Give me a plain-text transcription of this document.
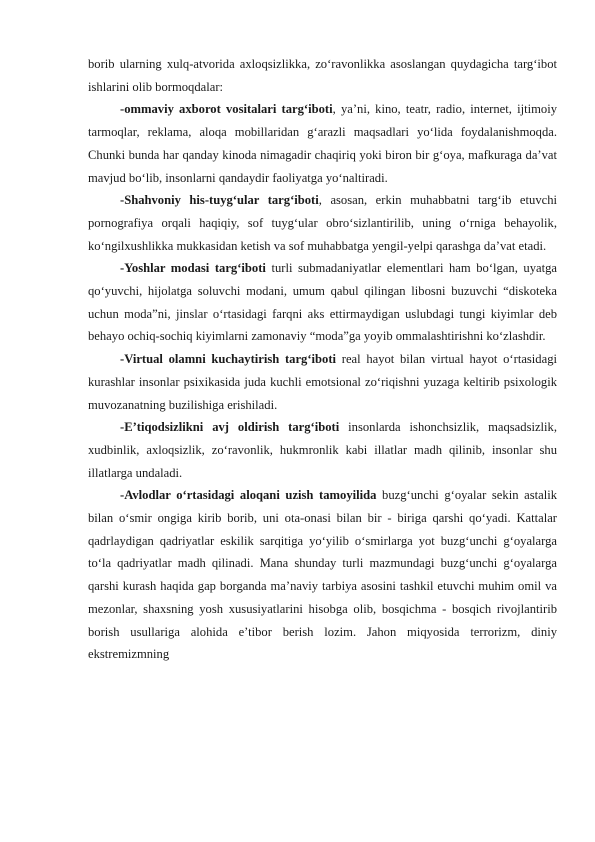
borib ularning xulq-atvorida axloqsizlikka, zo‘ravonlikka asoslangan quydagicha targ‘ibot ishlarini olib bormoqdalar:

-ommaviy axborot vositalari targ‘iboti, ya’ni, kino, teatr, radio, internet, ijtimoiy tarmoqlar, reklama, aloqa mobillaridan g‘arazli maqsadlari yo‘lida foydalanishmoqda. Chunki bunda har qanday kinoda nimagadir chaqiriq yoki biron bir g‘oya, mafkuraga da’vat mavjud bo‘lib, insonlarni qandaydir faoliyatga yo‘naltiradi.

-Shahvoniy his-tuyg‘ular targ‘iboti, asosan, erkin muhabbatni targ‘ib etuvchi pornografiya orqali haqiqiy, sof tuyg‘ular obro‘sizlantirilib, uning o‘rniga behayolik, ko‘ngilxushlikka mukkasidan ketish va sof muhabbatga yengil-yelpi qarashga da’vat etadi.

-Yoshlar modasi targ‘iboti turli submadaniyatlar elementlari ham bo‘lgan, uyatga qo‘yuvchi, hijolatga soluvchi modani, umum qabul qilingan libosni buzuvchi “diskoteka uchun moda”ni, jinslar o‘rtasidagi farqni aks ettirmaydigan uslubdagi tungi kiyimlar deb behayo ochiq-sochiq kiyimlarni zamonaviy “moda”ga yoyib ommalashtirishni ko‘zlashdir.

-Virtual olamni kuchaytirish targ‘iboti real hayot bilan virtual hayot o‘rtasidagi kurashlar insonlar psixikasida juda kuchli emotsional zo‘riqishni yuzaga keltirib psixologik muvozanatning buzilishiga erishiladi.

-E’tiqodsizlikni avj oldirish targ‘iboti insonlarda ishonchsizlik, maqsadsizlik, xudbinlik, axloqsizlik, zo‘ravonlik, hukmronlik kabi illatlar madh qilinib, insonlar shu illatlarga undaladi.

-Avlodlar o‘rtasidagi aloqani uzish tamoyilida buzg‘unchi g‘oyalar sekin astalik bilan o‘smir ongiga kirib borib, uni ota-onasi bilan bir - biriga qarshi qo‘yadi. Kattalar qadrlaydigan qadriyatlar eskilik sarqitiga yo‘yilib o‘smirlarga yot buzg‘unchi g‘oyalarga to‘la qadriyatlar madh qilinadi. Mana shunday turli mazmundagi buzg‘unchi g‘oyalarga qarshi kurash haqida gap borganda ma’naviy tarbiya asosini tashkil etuvchi muhim omil va mezonlar, shaxsning yosh xususiyatlarini hisobga olib, bosqichma - bosqich rivojlantirib borish usullariga alohida e’tibor berish lozim. Jahon miqyosida terrorizm, diniy ekstremizmning
